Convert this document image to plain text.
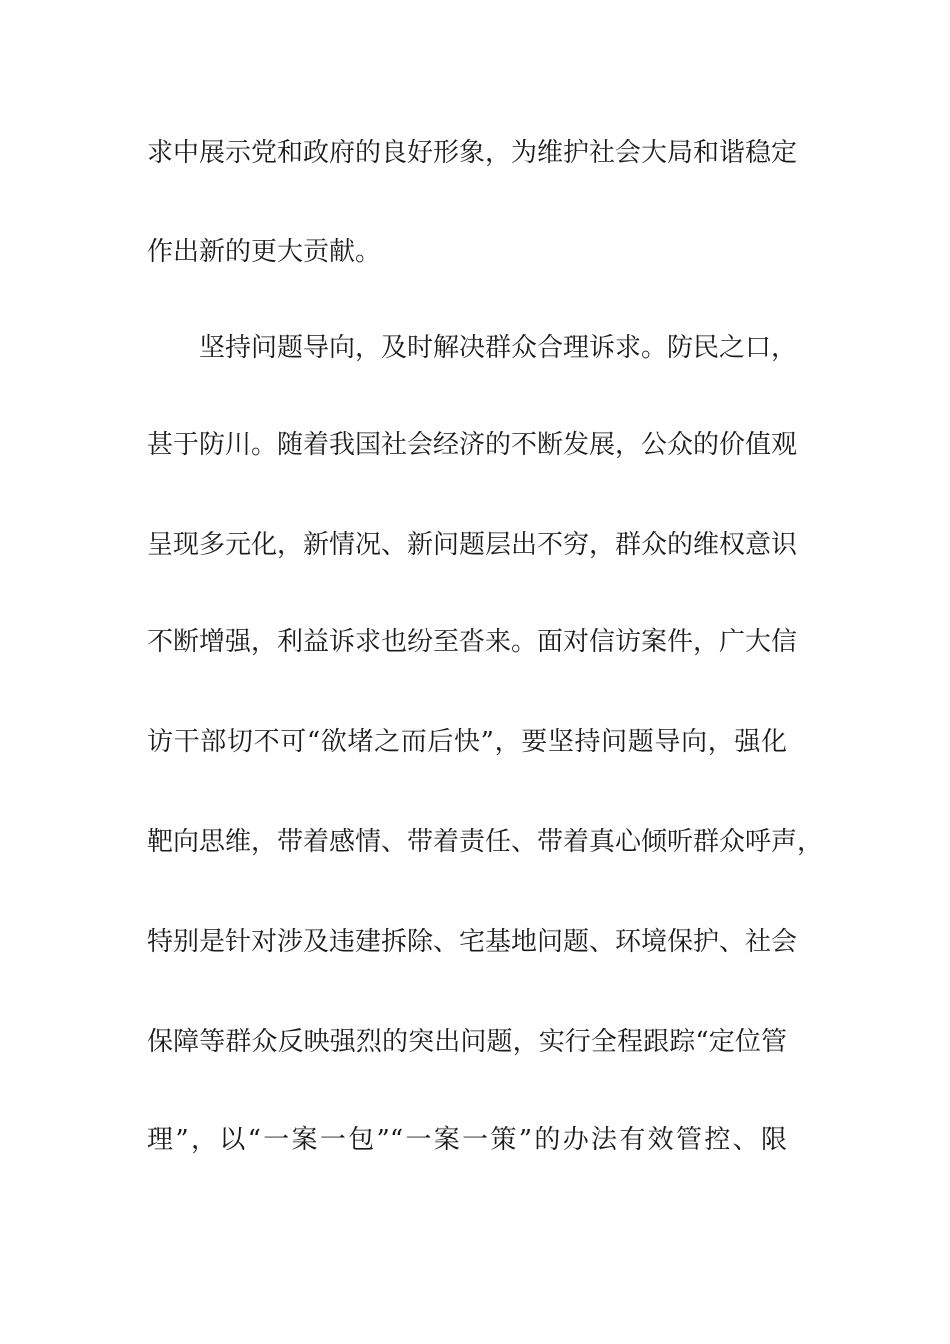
求中展示党和政府的良好形象，为维护社会大局和谐稳定
作出新的更大贡献。
坚持问题导向，及时解决群众合理诉求。防民之口，
甚于防川。随着我国社会经济的不断发展，公众的价值观
呈现多元化，新情况、新问题层出不穷，群众的维权意识
不断增强，利益诉求也纷至沓来。面对信访案件，广大信
访干部切不可“欲堵之而后快”，要坚持问题导向，强化
靶向思维，带着感情、带着责任、带着真心倾听群众呼声，
特别是针对涉及违建拆除、宅基地问题、环境保护、社会
保障等群众反映强烈的突出问题，实行全程跟踪“定位管
理”，以“一案一包”“一案一策”的办法有效管控、限
